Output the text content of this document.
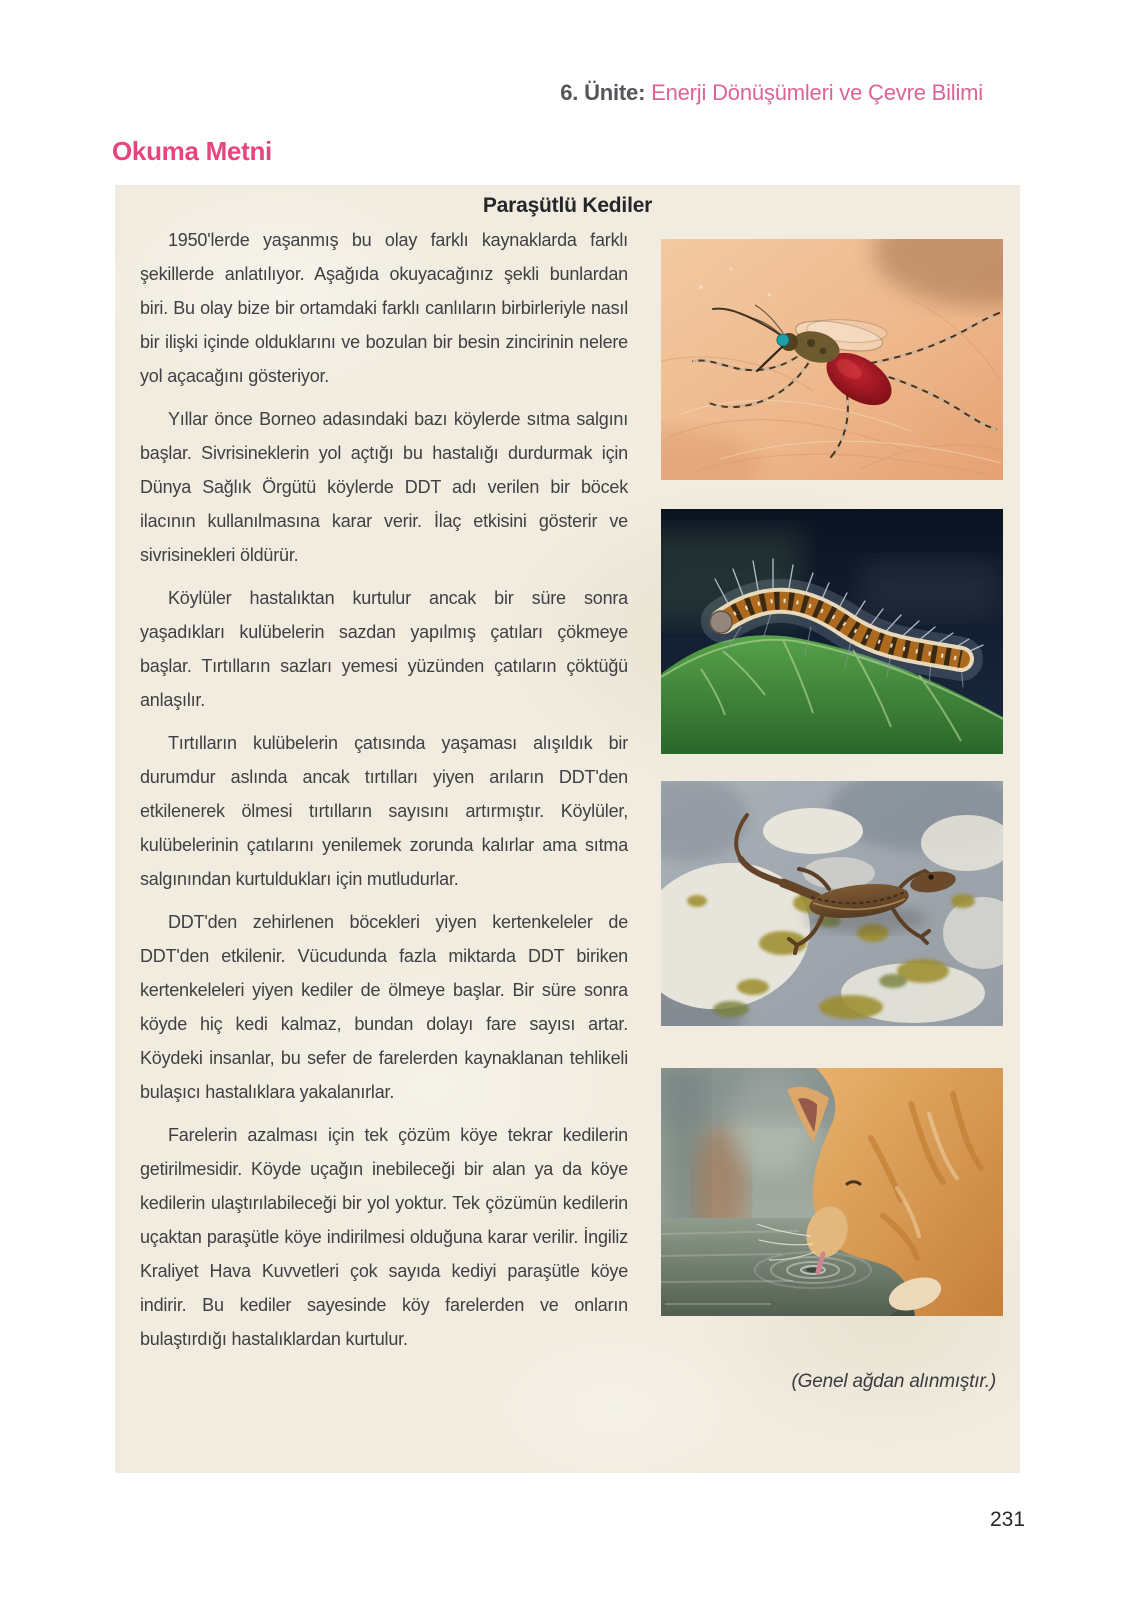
6. Ünite: Enerji Dönüşümleri ve Çevre Bilimi
Okuma Metni
Paraşütlü Kediler

1950'lerde yaşanmış bu olay farklı kaynaklarda farklı şekillerde anlatılıyor. Aşağıda okuyacağınız şekli bunlardan biri. Bu olay bize bir ortamdaki farklı canlıların birbirleriyle nasıl bir ilişki içinde olduklarını ve bozulan bir besin zincirinin nelere yol açacağını gösteriyor.

Yıllar önce Borneo adasındaki bazı köylerde sıtma salgını başlar. Sivrisineklerin yol açtığı bu hastalığı durdurmak için Dünya Sağlık Örgütü köylerde DDT adı verilen bir böcek ilacının kullanılmasına karar verir. İlaç etkisini gösterir ve sivrisinekleri öldürür.

Köylüler hastalıktan kurtulur ancak bir süre sonra yaşadıkları kulübelerin sazdan yapılmış çatıları çökmeye başlar. Tırtılların sazları yemesi yüzünden çatıların çöktüğü anlaşılır.

Tırtılların kulübelerin çatısında yaşaması alışıldık bir durumdur aslında ancak tırtılları yiyen arıların DDT'den etkilenerek ölmesi tırtılların sayısını artırmıştır. Köylüler, kulübelerinin çatılarını yenilemek zorunda kalırlar ama sıtma salgınından kurtuldukları için mutludurlar.

DDT'den zehirlenen böcekleri yiyen kertenkeleler de DDT'den etkilenir. Vücudunda fazla miktarda DDT biriken kertenkeleleri yiyen kediler de ölmeye başlar. Bir süre sonra köyde hiç kedi kalmaz, bundan dolayı fare sayısı artar. Köydeki insanlar, bu sefer de farelerden kaynaklanan tehlikeli bulaşıcı hastalıklara yakalanırlar.

Farelerin azalması için tek çözüm köye tekrar kedilerin getirilmesidir. Köyde uçağın inebileceği bir alan ya da köye kedilerin ulaştırılabileceği bir yol yoktur. Tek çözümün kedilerin uçaktan paraşütle köye indirilmesi olduğuna karar verilir. İngiliz Kraliyet Hava Kuvvetleri çok sayıda kediyi paraşütle köye indirir. Bu kediler sayesinde köy farelerden ve onların bulaştırdığı hastalıklardan kurtulur.

(Genel ağdan alınmıştır.)
231
